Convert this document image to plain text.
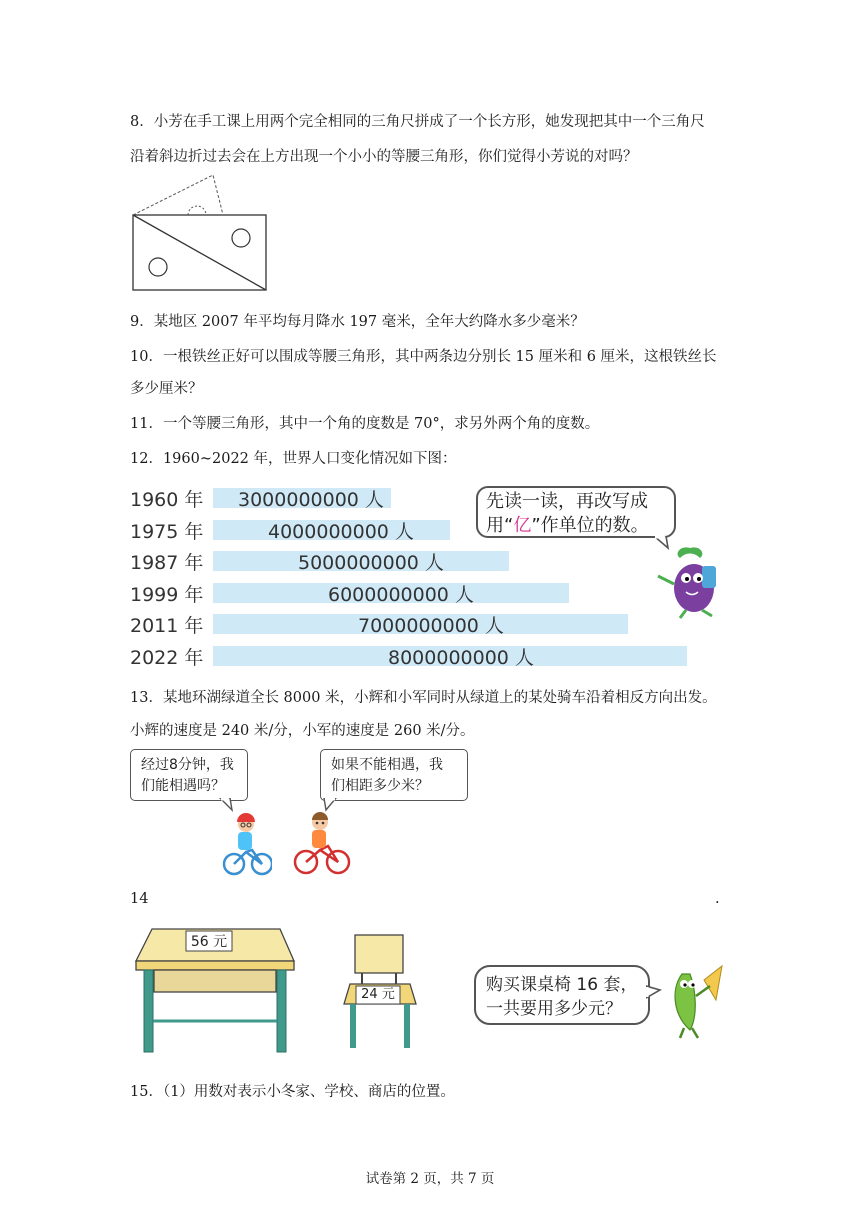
8．小芳在手工课上用两个完全相同的三角尺拼成了一个长方形，她发现把其中一个三角尺
沿着斜边折过去会在上方出现一个小小的等腰三角形，你们觉得小芳说的对吗？
9．某地区 2007 年平均每月降水 197 毫米，全年大约降水多少毫米？
10．一根铁丝正好可以围成等腰三角形，其中两条边分别长 15 厘米和 6 厘米，这根铁丝长
多少厘米？
11．一个等腰三角形，其中一个角的度数是 70°，求另外两个角的度数。
12．1960~2022 年，世界人口变化情况如下图：
1960 年 3000000000 人
1975 年	4000000000 人
1987 年	5000000000 人
1999 年	6000000000 人
2011 年	7000000000 人
2022 年	8000000000 人
先读一读，再改写成
用“亿”作单位的数。
13．某地环湖绿道全长 8000 米，小辉和小军同时从绿道上的某处骑车沿着相反方向出发。
小辉的速度是 240 米/分，小军的速度是 260 米/分。
经过8分钟，我
们能相遇吗？
如果不能相遇，我
们相距多少米？
14	.
56 元
24 元	购买课桌椅 16 套，
一共要用多少元？
15．（1）用数对表示小冬家、学校、商店的位置。
试卷第 2 页，共 7 页
